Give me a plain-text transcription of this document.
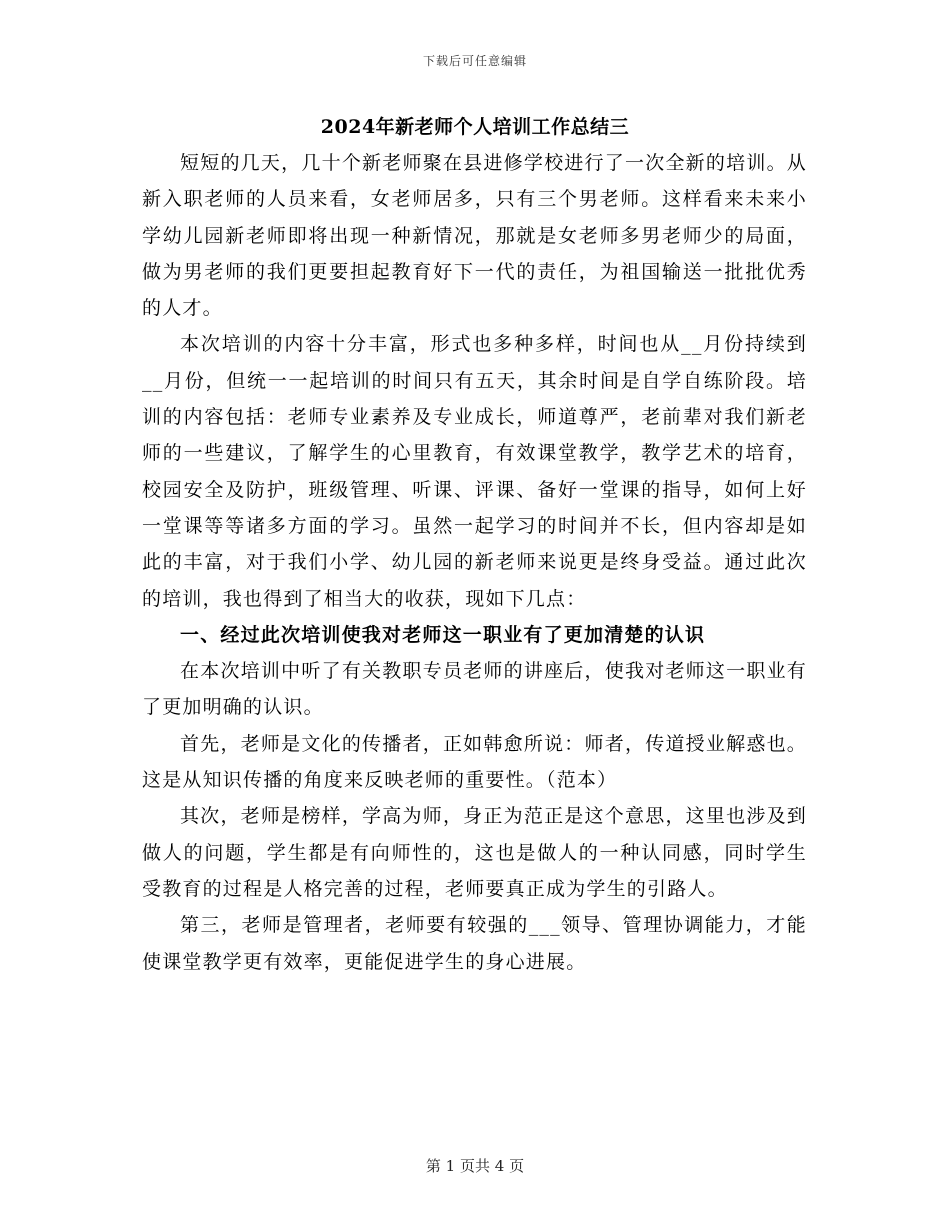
下载后可任意编辑
2024年新老师个人培训工作总结三

短短的几天，几十个新老师聚在县进修学校进行了一次全新的培训。从新入职老师的人员来看，女老师居多，只有三个男老师。这样看来未来小学幼儿园新老师即将出现一种新情况，那就是女老师多男老师少的局面，做为男老师的我们更要担起教育好下一代的责任，为祖国输送一批批优秀的人才。

本次培训的内容十分丰富，形式也多种多样，时间也从__月份持续到__月份，但统一一起培训的时间只有五天，其余时间是自学自练阶段。培训的内容包括：老师专业素养及专业成长，师道尊严，老前辈对我们新老师的一些建议，了解学生的心里教育，有效课堂教学，教学艺术的培育，校园安全及防护，班级管理、听课、评课、备好一堂课的指导，如何上好一堂课等等诸多方面的学习。虽然一起学习的时间并不长，但内容却是如此的丰富，对于我们小学、幼儿园的新老师来说更是终身受益。通过此次的培训，我也得到了相当大的收获，现如下几点：

一、经过此次培训使我对老师这一职业有了更加清楚的认识

在本次培训中听了有关教职专员老师的讲座后，使我对老师这一职业有了更加明确的认识。

首先，老师是文化的传播者，正如韩愈所说：师者，传道授业解惑也。这是从知识传播的角度来反映老师的重要性。（范本）

其次，老师是榜样，学高为师，身正为范正是这个意思，这里也涉及到做人的问题，学生都是有向师性的，这也是做人的一种认同感，同时学生受教育的过程是人格完善的过程，老师要真正成为学生的引路人。

第三，老师是管理者，老师要有较强的___领导、管理协调能力，才能使课堂教学更有效率，更能促进学生的身心进展。

第 1 页共 4 页
